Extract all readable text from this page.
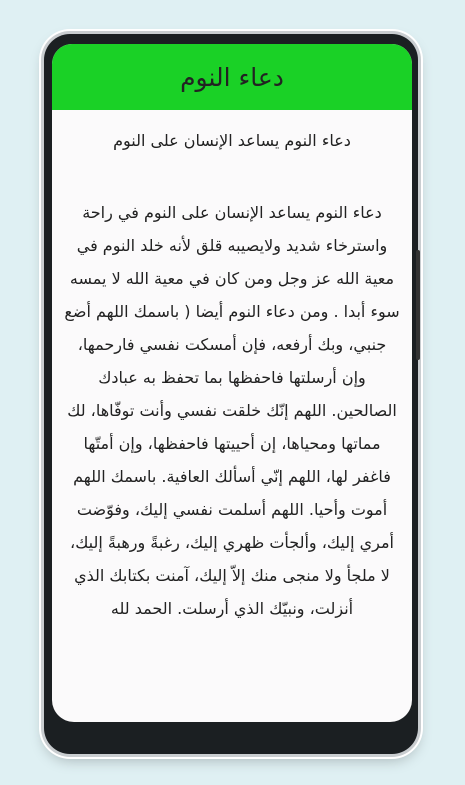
دعاء النوم

دعاء النوم يساعد الإنسان على النوم

دعاء النوم يساعد الإنسان على النوم في راحة واسترخاء شديد ولايصيبه قلق لأنه خلد النوم في معية الله عز وجل ومن كان في معية الله لا يمسه سوء أبدا . ومن دعاء النوم أيضا ( باسمك اللهم أضع جنبي، وبك أرفعه، فإن أمسكت نفسي فارحمها، وإن أرسلتها فاحفظها بما تحفظ به عبادك الصالحين. اللهم إنّك خلقت نفسي وأنت توفّاها، لك مماتها ومحياها، إن أحييتها فاحفظها، وإن أمتّها فاغفر لها، اللهم إنّي أسألك العافية. باسمك اللهم أموت وأحيا. اللهم أسلمت نفسي إليك، وفوّضت أمري إليك، وألجأت ظهري إليك، رغبةً ورهبةً إليك، لا ملجأ ولا منجى منك إلاّ إليك، آمنت بكتابك الذي أنزلت، ونبيّك الذي أرسلت. الحمد لله
